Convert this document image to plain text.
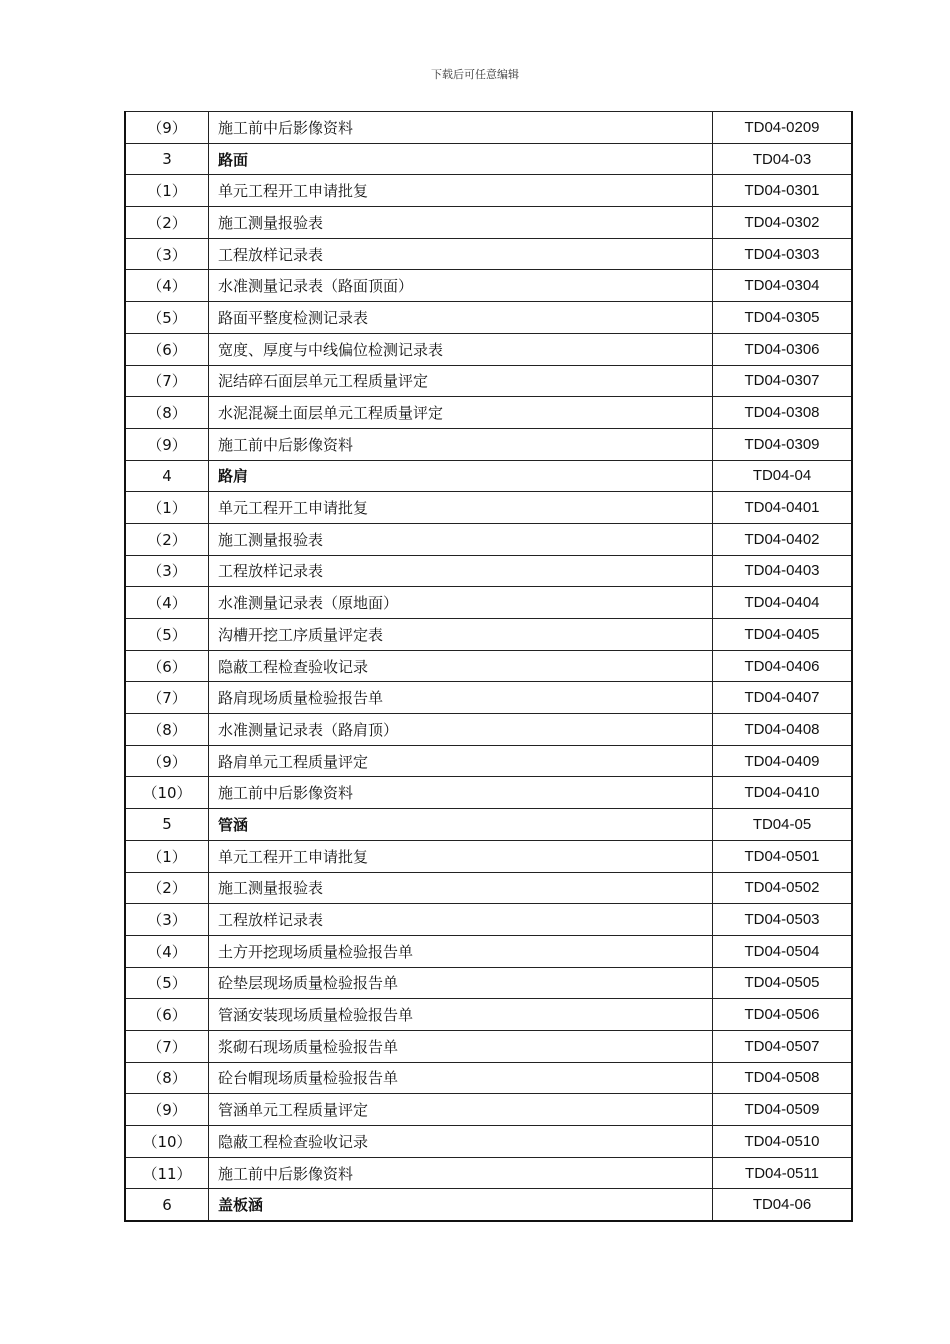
下载后可任意编辑
（9）	施工前中后影像资料	TD04-0209
3	路面	TD04-03
（1）	单元工程开工申请批复	TD04-0301
（2）	施工测量报验表	TD04-0302
（3）	工程放样记录表	TD04-0303
（4）	水准测量记录表（路面顶面）	TD04-0304
（5）	路面平整度检测记录表	TD04-0305
（6）	宽度、厚度与中线偏位检测记录表	TD04-0306
（7）	泥结碎石面层单元工程质量评定	TD04-0307
（8）	水泥混凝土面层单元工程质量评定	TD04-0308
（9）	施工前中后影像资料	TD04-0309
4	路肩	TD04-04
（1）	单元工程开工申请批复	TD04-0401
（2）	施工测量报验表	TD04-0402
（3）	工程放样记录表	TD04-0403
（4）	水准测量记录表（原地面）	TD04-0404
（5）	沟槽开挖工序质量评定表	TD04-0405
（6）	隐蔽工程检查验收记录	TD04-0406
（7）	路肩现场质量检验报告单	TD04-0407
（8）	水准测量记录表（路肩顶）	TD04-0408
（9）	路肩单元工程质量评定	TD04-0409
（10）	施工前中后影像资料	TD04-0410
5	管涵	TD04-05
（1）	单元工程开工申请批复	TD04-0501
（2）	施工测量报验表	TD04-0502
（3）	工程放样记录表	TD04-0503
（4）	土方开挖现场质量检验报告单	TD04-0504
（5）	砼垫层现场质量检验报告单	TD04-0505
（6）	管涵安装现场质量检验报告单	TD04-0506
（7）	浆砌石现场质量检验报告单	TD04-0507
（8）	砼台帽现场质量检验报告单	TD04-0508
（9）	管涵单元工程质量评定	TD04-0509
（10）	隐蔽工程检查验收记录	TD04-0510
（11）	施工前中后影像资料	TD04-0511
6	盖板涵	TD04-06
